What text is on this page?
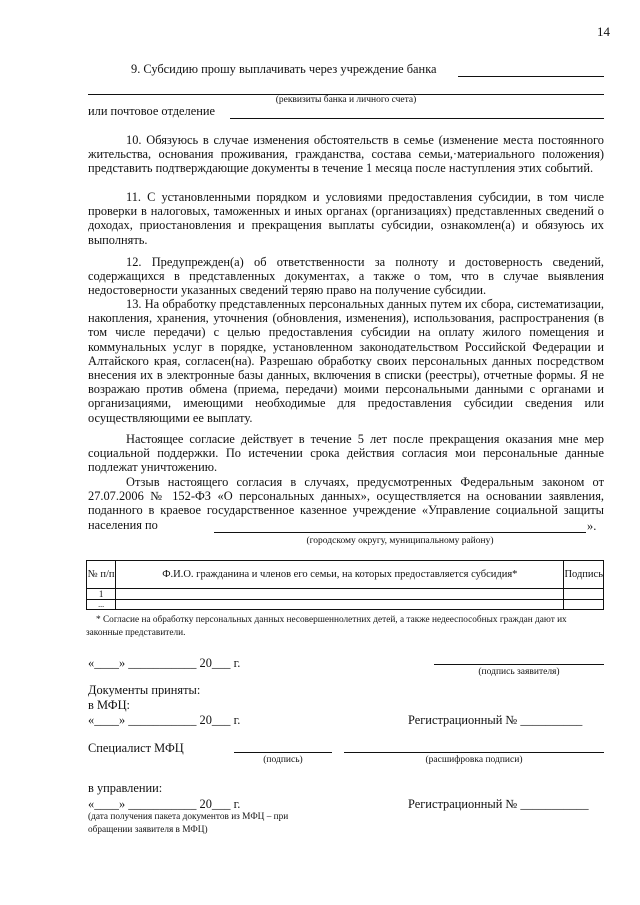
14
9. Субсидию прошу выплачивать через учреждение банка
(реквизиты банка и личного счета)
или почтовое отделение

10. Обязуюсь в случае изменения обстоятельств в семье (изменение места постоянного жительства, основания проживания, гражданства, состава семьи,·материального положения) представить подтверждающие документы в течение 1 месяца после наступления этих событий.

11. С установленными порядком и условиями предоставления субсидии, в том числе проверки в налоговых, таможенных и иных органах (организациях) представленных сведений о доходах, приостановления и прекращения выплаты субсидии, ознакомлен(а) и обязуюсь их выполнять.

12. Предупрежден(а) об ответственности за полноту и достоверность сведений, содержащихся в представленных документах, а также о том, что в случае выявления недостоверности указанных сведений теряю право на получение субсидии.

13. На обработку представленных персональных данных путем их сбора, систематизации, накопления, хранения, уточнения (обновления, изменения), использования, распространения (в том числе передачи) с целью предоставления субсидии на оплату жилого помещения и коммунальных услуг в порядке, установленном законодательством Российской Федерации и Алтайского края, согласен(на). Разрешаю обработку своих персональных данных посредством внесения их в электронные базы данных, включения в списки (реестры), отчетные формы. Я не возражаю против обмена (приема, передачи) моими персональными данными с органами и организациями, имеющими необходимые для предоставления субсидии сведения или осуществляющими ее выплату.

Настоящее согласие действует в течение 5 лет после прекращения оказания мне мер социальной поддержки. По истечении срока действия согласия мои персональные данные подлежат уничтожению.

Отзыв настоящего согласия в случаях, предусмотренных Федеральным законом от 27.07.2006 № 152-ФЗ «О персональных данных», осуществляется на основании заявления, поданного в краевое государственное казенное учреждение «Управление социальной защиты населения по	».
(городскому округу, муниципальному району)
№ п/п	Ф.И.О. гражданина и членов его семьи, на которых предоставляется субсидия*	Подпись
1		
...		
* Согласие на обработку персональных данных несовершеннолетних детей, а также недееспособных граждан дают их законные представители.
«____» ___________ 20___ г.
(подпись заявителя)
Документы приняты:
в МФЦ:
«____» ___________ 20___ г.	Регистрационный № __________
Специалист МФЦ
(подпись)	(расшифровка подписи)
в управлении:
«____» ___________ 20___ г.	Регистрационный № ___________
(дата получения пакета документов из МФЦ – при обращении заявителя в МФЦ)
